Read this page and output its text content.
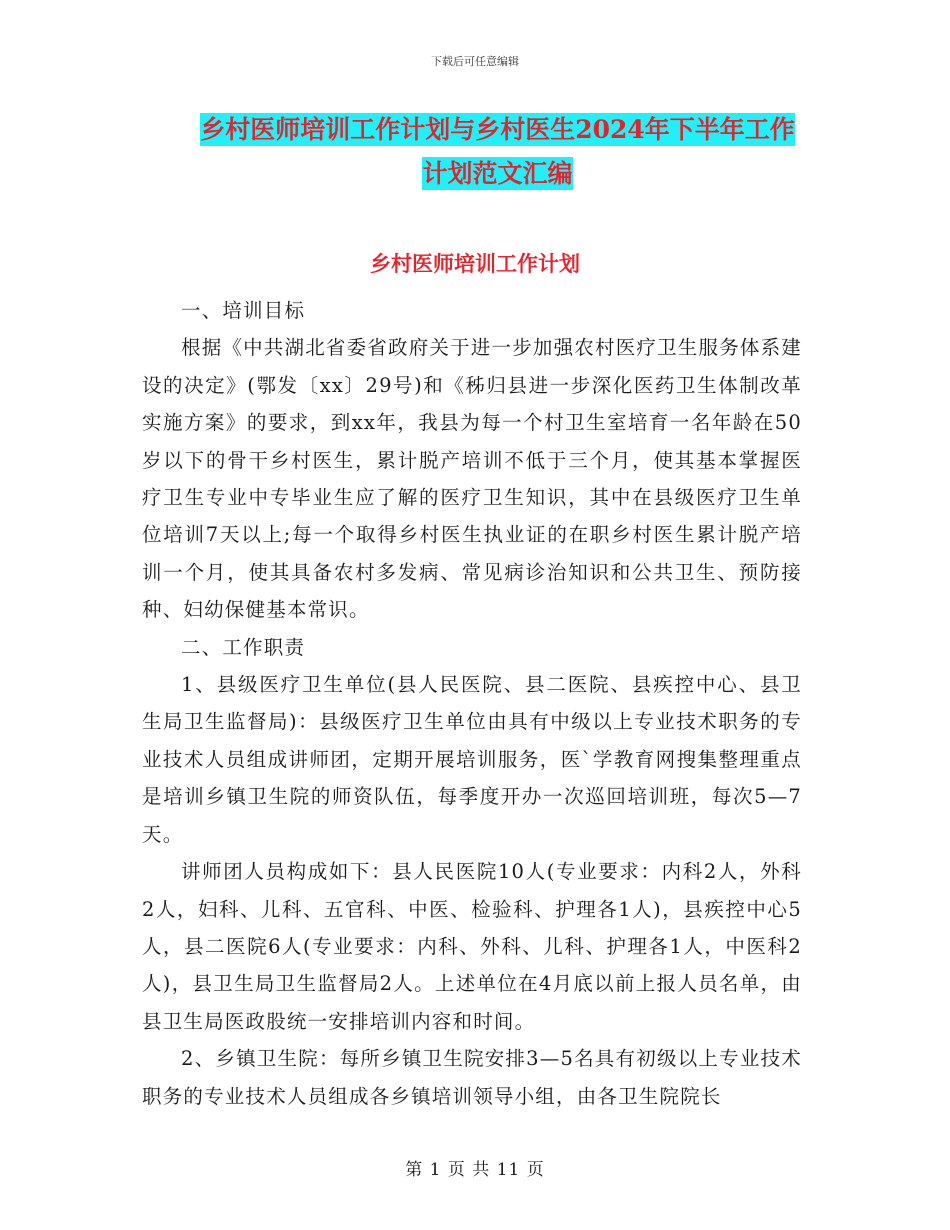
下载后可任意编辑
乡村医师培训工作计划与乡村医生2024年下半年工作
计划范文汇编
乡村医师培训工作计划

一、培训目标

根据《中共湖北省委省政府关于进一步加强农村医疗卫生服务体系建设的决定》(鄂发〔xx〕29号)和《秭归县进一步深化医药卫生体制改革实施方案》的要求，到xx年，我县为每一个村卫生室培育一名年龄在50岁以下的骨干乡村医生，累计脱产培训不低于三个月，使其基本掌握医疗卫生专业中专毕业生应了解的医疗卫生知识，其中在县级医疗卫生单位培训7天以上;每一个取得乡村医生执业证的在职乡村医生累计脱产培训一个月，使其具备农村多发病、常见病诊治知识和公共卫生、预防接种、妇幼保健基本常识。

二、工作职责

1、县级医疗卫生单位(县人民医院、县二医院、县疾控中心、县卫生局卫生监督局)：县级医疗卫生单位由具有中级以上专业技术职务的专业技术人员组成讲师团，定期开展培训服务，医`学教育网搜集整理重点是培训乡镇卫生院的师资队伍，每季度开办一次巡回培训班，每次5—7天。

讲师团人员构成如下：县人民医院10人(专业要求：内科2人，外科2人，妇科、儿科、五官科、中医、检验科、护理各1人)，县疾控中心5人，县二医院6人(专业要求：内科、外科、儿科、护理各1人，中医科2人)，县卫生局卫生监督局2人。上述单位在4月底以前上报人员名单，由县卫生局医政股统一安排培训内容和时间。

2、乡镇卫生院：每所乡镇卫生院安排3—5名具有初级以上专业技术职务的专业技术人员组成各乡镇培训领导小组，由各卫生院院长

第 1 页 共 11 页
